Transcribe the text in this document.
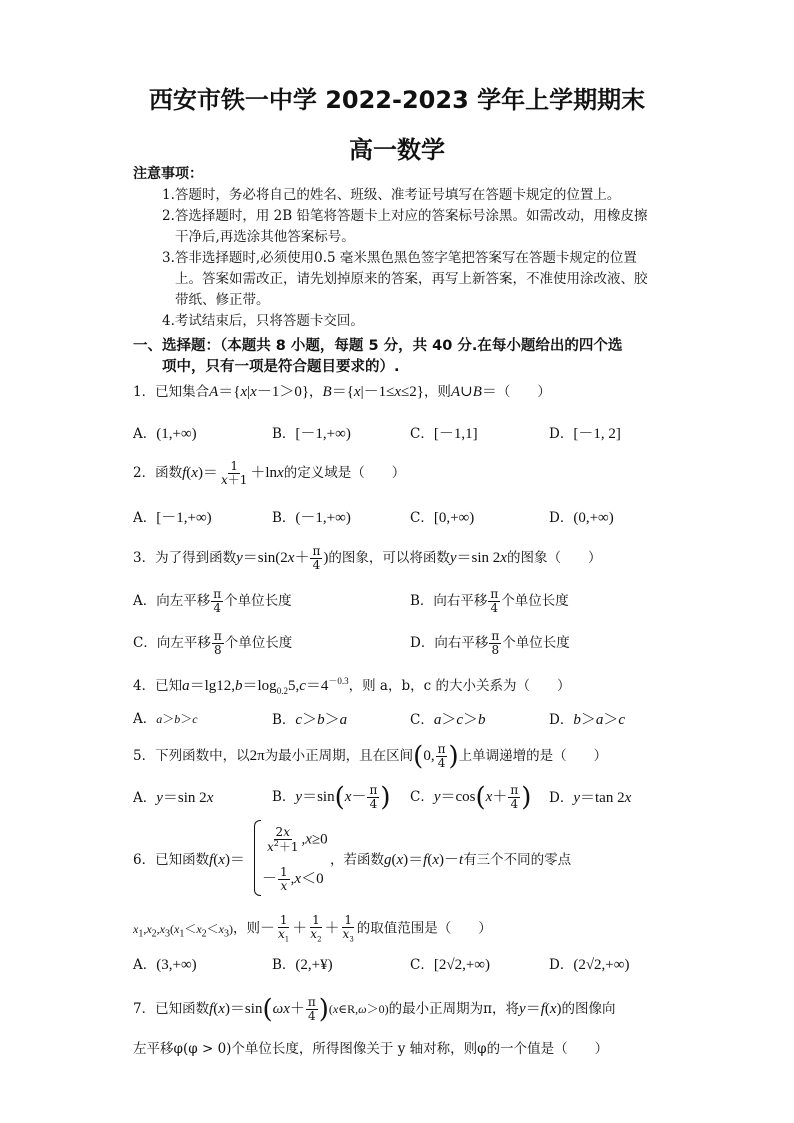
西安市铁一中学 2022-2023 学年上学期期末
高一数学
注意事项：
1.答题时，务必将自己的姓名、班级、准考证号填写在答题卡规定的位置上。
2.答选择题时，用 2B 铅笔将答题卡上对应的答案标号涂黑。如需改动，用橡皮擦
干净后,再选涂其他答案标号。
3.答非选择题时,必须使用0.5 毫米黑色黑色签字笔把答案写在答题卡规定的位置
上。答案如需改正，请先划掉原来的答案，再写上新答案，不准使用涂改液、胶
带纸、修正带。
4.考试结束后，只将答题卡交回。
一、选择题：（本题共 8 小题，每题 5 分，共 40 分.在每小题给出的四个选
项中，只有一项是符合题目要求的）.
1．已知集合A＝{x|x－1＞0}，B＝{x|－1≤x≤2}，则A∪B＝（　　）
A．(1,+∞)	B．[－1,+∞)	C．[－1,1]	D．[－1, 2]
2．函数$f(x)= \frac{1}{x+1} +\ln x$的定义域是（　　）
A．[－1,+∞)	B．(－1,+∞)	C．[0,+∞)	D．(0,+∞)
3．为了得到函数$y=\sin(2x+ \frac{\pi}{4}$ )的图象，可以将函数y＝sin 2x的图象（　　）
A．向左平移 $\frac{\pi}{4}$ 个单位长度	B．向右平移 $\frac{\pi}{4}$ 个单位长度
C．向左平移 $\frac{\pi}{8}$ 个单位长度	D．向右平移 $\frac{\pi}{8}$ 个单位长度
4．已知$a=\lg 12,b=\log_{0.2}5,c=4^{-0.3}$，则 a，b，c 的大小关系为（　　）
A．a＞b＞c	B．c＞b＞a	C．a＞c＞b	D．b＞a＞c
5．下列函数中，以2π为最小正周期，且在区间(0, $\frac{\pi}{4}$ )上单调递增的是（　　）
A．y＝sin 2x	B．$y=\sin(x- \frac{\pi}{4}$ ) C．$y=\cos(x+ \frac{\pi}{4}$ ) D．y＝tan 2x
6．已知函数f(x)＝
$\frac{2x}{x^2+1} ,x\ge 0$
－ $\frac{1}{x} ,x<0$
，若函数g(x)＝f(x)－t有三个不同的零点
$x_1,x_2,x_3(x_1<x_2<x_3)$，则－ $\frac{1}{x_1} + \frac{1}{x_2} + \frac{1}{x_3}$ 的取值范围是（　　）
A．(3,+∞)	B．(2,+¥)	C．[2√2,+∞)	D．(2√2,+∞)
7．已知函数$f(x)=\sin(\omega x+ \frac{\pi}{4}$ )(x∈R,ω＞0)的最小正周期为π，将y＝f(x)的图像向
左平移φ(φ > 0)个单位长度，所得图像关于 y 轴对称，则φ的一个值是（　　）
